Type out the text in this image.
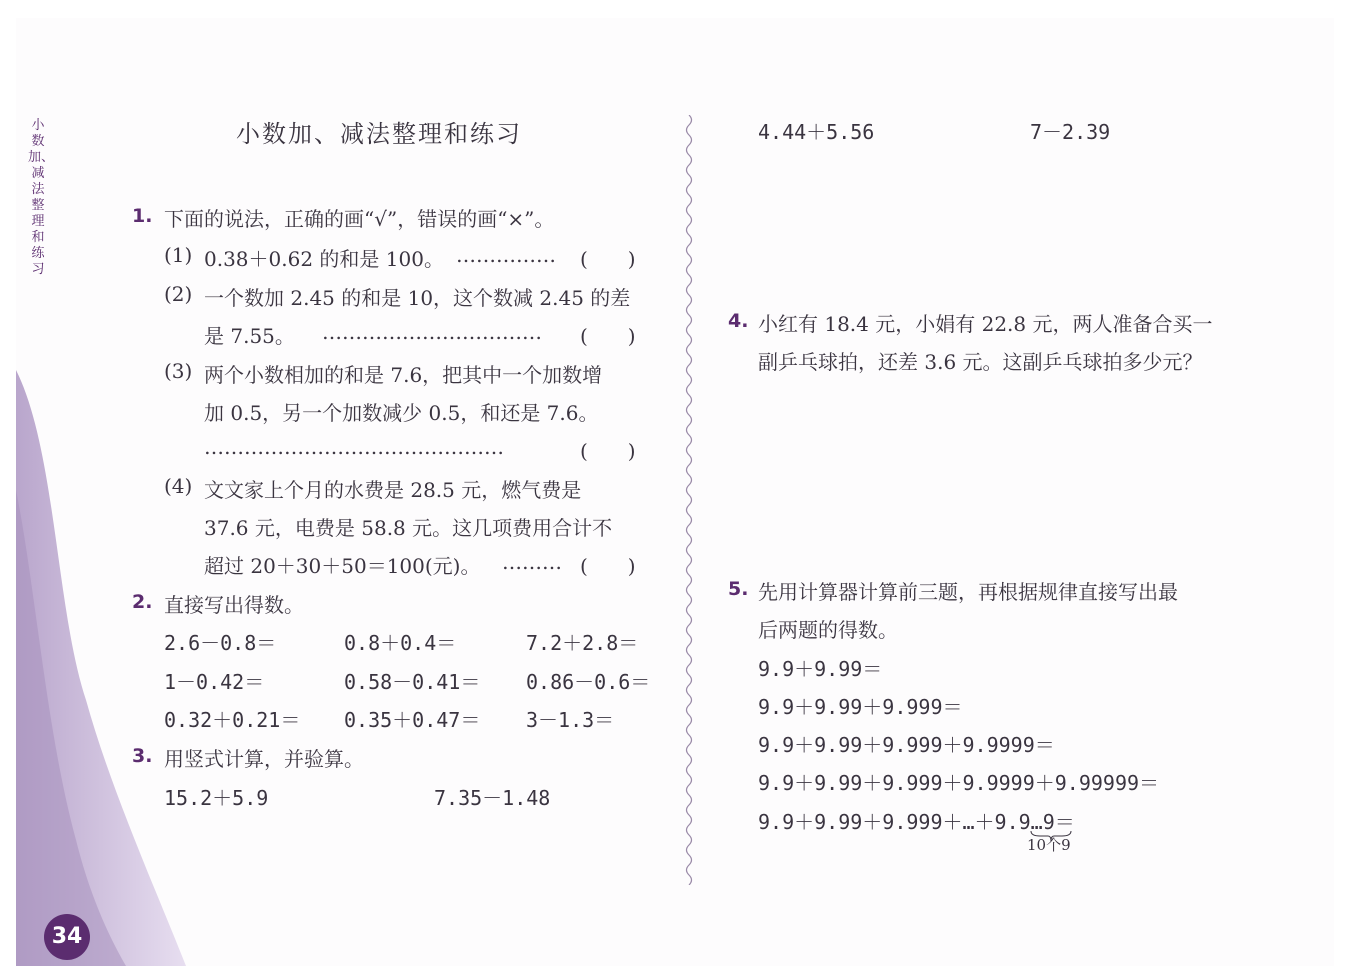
小数加、减法整理和练习
34
小数加、减法整理和练习
1. 下面的说法，正确的画“√”，错误的画“×”。
(1) 0.38＋0.62 的和是 100。 …………… (　　)
(2) 一个数加 2.45 的和是 10，这个数减 2.45 的差
是 7.55。 …………………………… (　　)
(3) 两个小数相加的和是 7.6，把其中一个加数增
加 0.5，另一个加数减少 0.5，和还是 7.6。
………………………………………	(　　)
(4) 文文家上个月的水费是 28.5 元，燃气费是
37.6 元，电费是 58.8 元。这几项费用合计不
超过 20＋30＋50＝100(元)。 ……… (　　)
2. 直接写出得数。
2.6－0.8＝	0.8＋0.4＝	7.2＋2.8＝
1－0.42＝	0.58－0.41＝ 0.86－0.6＝
0.32＋0.21＝ 0.35＋0.47＝ 3－1.3＝
3. 用竖式计算，并验算。
15.2＋5.9	7.35－1.48
4.44＋5.56	7－2.39
4. 小红有 18.4 元，小娟有 22.8 元，两人准备合买一
副乒乓球拍，还差 3.6 元。这副乒乓球拍多少元？
5. 先用计算器计算前三题，再根据规律直接写出最
后两题的得数。
9.9＋9.99＝
9.9＋9.99＋9.999＝
9.9＋9.99＋9.999＋9.9999＝
9.9＋9.99＋9.999＋9.9999＋9.99999＝
9.9＋9.99＋9.999＋…＋9.9…9＝
10个9
